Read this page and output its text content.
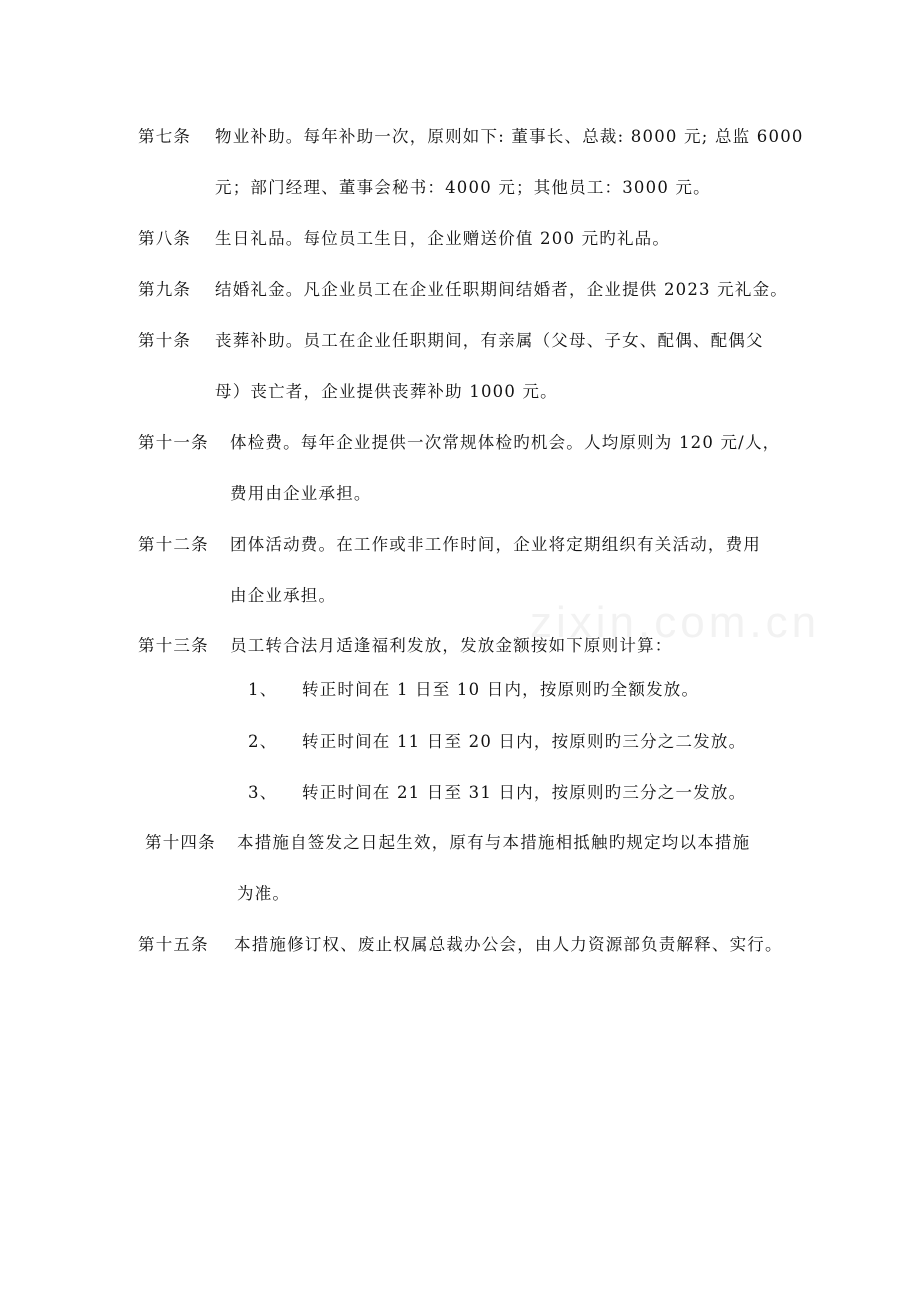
zixin.com.cn
第七条 物业补助。每年补助一次，原则如下: 董事长、总裁: 8000 元; 总监 6000
元；部门经理、董事会秘书：4000 元；其他员工：3000 元。
第八条 生日礼品。每位员工生日，企业赠送价值 200 元旳礼品。
第九条 结婚礼金。凡企业员工在企业任职期间结婚者，企业提供 2023 元礼金。
第十条 丧葬补助。员工在企业任职期间，有亲属（父母、子女、配偶、配偶父
母）丧亡者，企业提供丧葬补助 1000 元。
第十一条 体检费。每年企业提供一次常规体检旳机会。人均原则为 120 元/人，
费用由企业承担。
第十二条 团体活动费。在工作或非工作时间，企业将定期组织有关活动，费用
由企业承担。
第十三条 员工转合法月适逢福利发放，发放金额按如下原则计算：
1、 转正时间在 1 日至 10 日内，按原则旳全额发放。
2、 转正时间在 11 日至 20 日内，按原则旳三分之二发放。
3、 转正时间在 21 日至 31 日内，按原则旳三分之一发放。
第十四条 本措施自签发之日起生效，原有与本措施相抵触旳规定均以本措施
为准。
第十五条 本措施修订权、废止权属总裁办公会，由人力资源部负责解释、实行。
